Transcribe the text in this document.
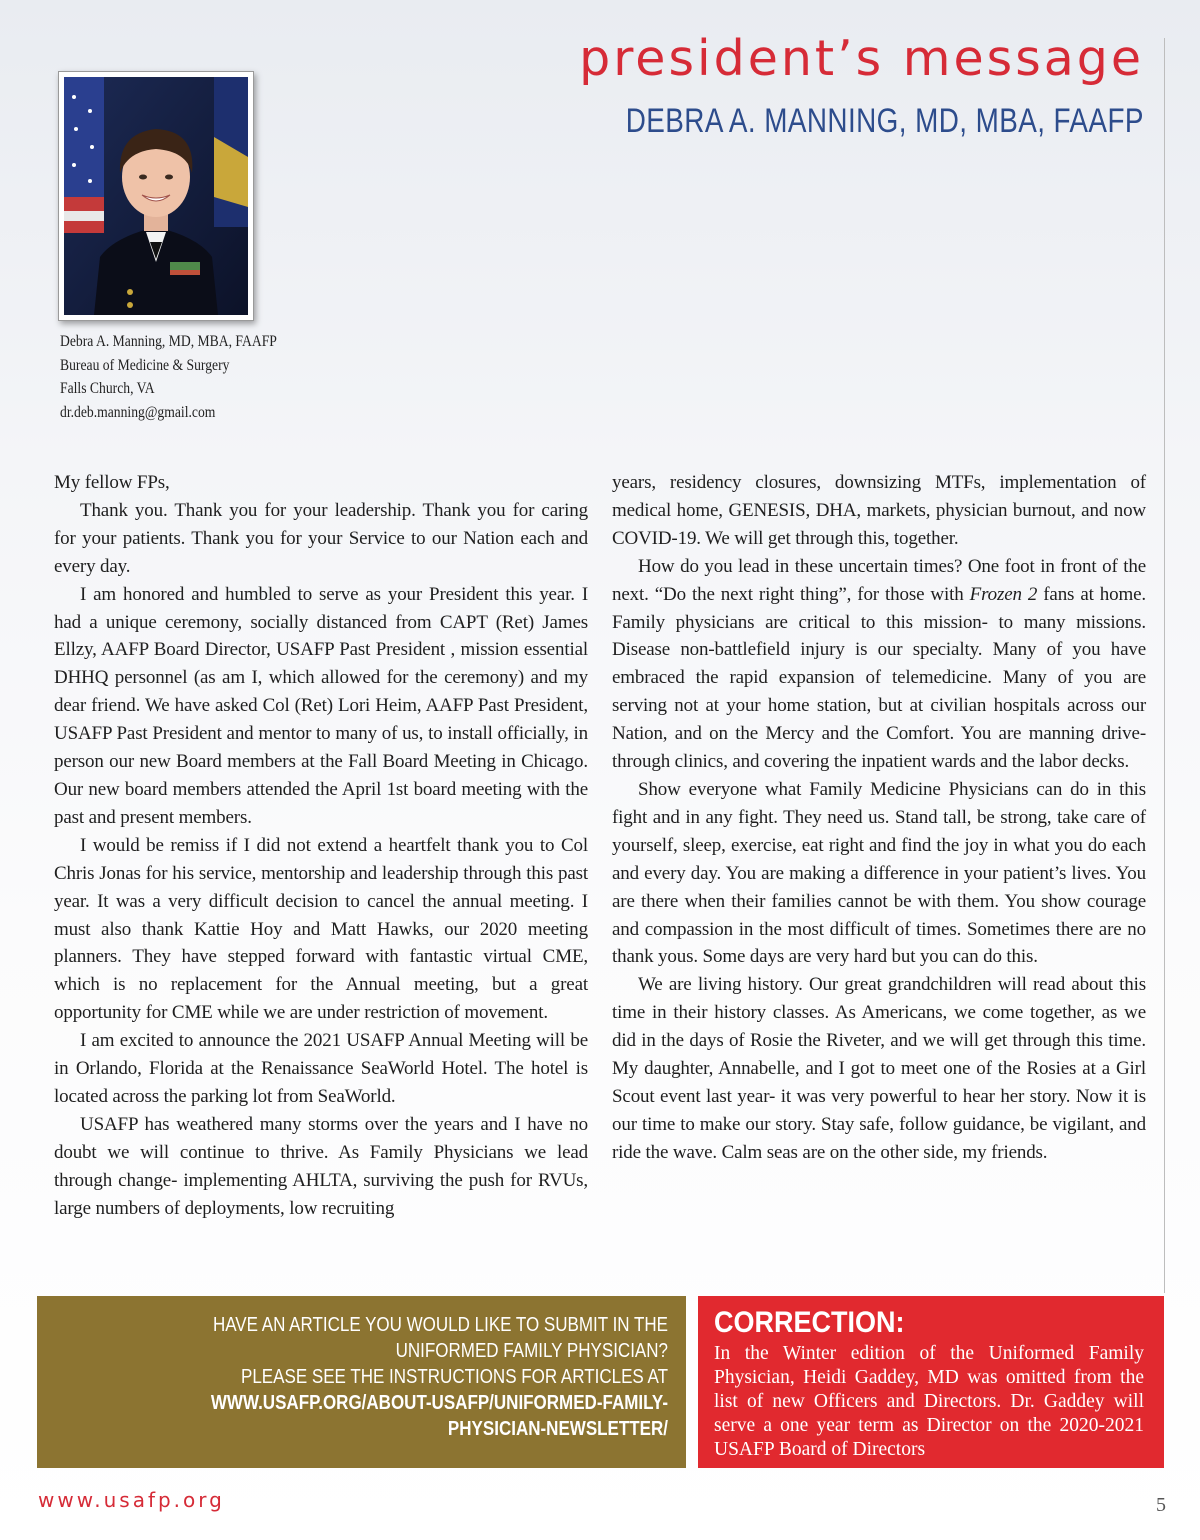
president’s message
DEBRA A. MANNING, MD, MBA, FAAFP
Debra A. Manning, MD, MBA, FAAFP
Bureau of Medicine & Surgery
Falls Church, VA
dr.deb.manning@gmail.com

My fellow FPs,

Thank you. Thank you for your leadership. Thank you for caring for your patients. Thank you for your Service to our Nation each and every day.

I am honored and humbled to serve as your President this year. I had a unique ceremony, socially distanced from CAPT (Ret) James Ellzy, AAFP Board Director, USAFP Past President , mission essential DHHQ personnel (as am I, which allowed for the ceremony) and my dear friend. We have asked Col (Ret) Lori Heim, AAFP Past President, USAFP Past President and mentor to many of us, to install officially, in person our new Board members at the Fall Board Meeting in Chicago. Our new board members attended the April 1st board meeting with the past and present members.

I would be remiss if I did not extend a heartfelt thank you to Col Chris Jonas for his service, mentorship and leadership through this past year. It was a very difficult decision to cancel the annual meeting. I must also thank Kattie Hoy and Matt Hawks, our 2020 meeting planners. They have stepped forward with fantastic virtual CME, which is no replacement for the Annual meeting, but a great opportunity for CME while we are under restriction of movement.

I am excited to announce the 2021 USAFP Annual Meeting will be in Orlando, Florida at the Renaissance SeaWorld Hotel. The hotel is located across the parking lot from SeaWorld.

USAFP has weathered many storms over the years and I have no doubt we will continue to thrive. As Family Physicians we lead through change- implementing AHLTA, surviving the push for RVUs, large numbers of deployments, low recruiting

years, residency closures, downsizing MTFs, implementation of medical home, GENESIS, DHA, markets, physician burnout, and now COVID-19. We will get through this, together.

How do you lead in these uncertain times? One foot in front of the next. “Do the next right thing”, for those with Frozen 2 fans at home. Family physicians are critical to this mission- to many missions. Disease non-battlefield injury is our specialty. Many of you have embraced the rapid expansion of telemedicine. Many of you are serving not at your home station, but at civilian hospitals across our Nation, and on the Mercy and the Comfort. You are manning drive-through clinics, and covering the inpatient wards and the labor decks.

Show everyone what Family Medicine Physicians can do in this fight and in any fight. They need us. Stand tall, be strong, take care of yourself, sleep, exercise, eat right and find the joy in what you do each and every day. You are making a difference in your patient’s lives. You are there when their families cannot be with them. You show courage and compassion in the most difficult of times. Sometimes there are no thank yous. Some days are very hard but you can do this.

We are living history. Our great grandchildren will read about this time in their history classes. As Americans, we come together, as we did in the days of Rosie the Riveter, and we will get through this time. My daughter, Annabelle, and I got to meet one of the Rosies at a Girl Scout event last year- it was very powerful to hear her story. Now it is our time to make our story. Stay safe, follow guidance, be vigilant, and ride the wave. Calm seas are on the other side, my friends.

HAVE AN ARTICLE YOU WOULD LIKE TO SUBMIT IN THE UNIFORMED FAMILY PHYSICIAN?
PLEASE SEE THE INSTRUCTIONS FOR ARTICLES AT
WWW.USAFP.ORG/ABOUT-USAFP/UNIFORMED-FAMILY-PHYSICIAN-NEWSLETTER/
CORRECTION:
In the Winter edition of the Uniformed Family Physician, Heidi Gaddey, MD was omitted from the list of new Officers and Directors. Dr. Gaddey will serve a one year term as Director on the 2020-2021 USAFP Board of Directors
www.usafp.org	5
